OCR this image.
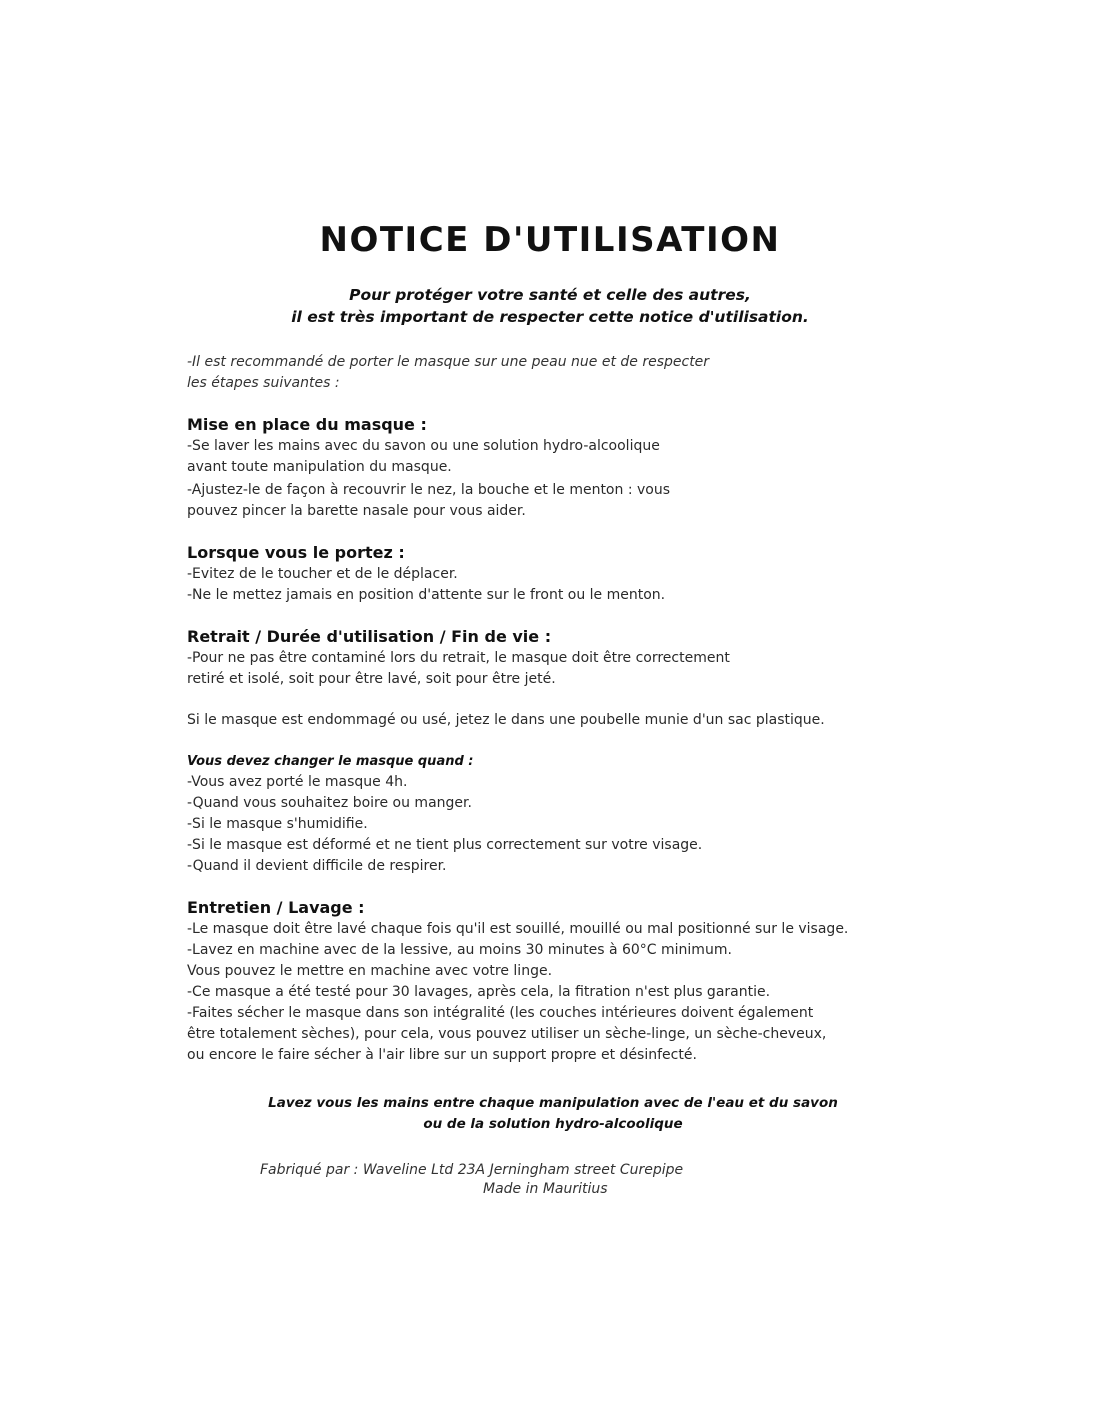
NOTICE D'UTILISATION
Pour protéger votre santé et celle des autres,
il est très important de respecter cette notice d'utilisation.
-Il est recommandé de porter le masque sur une peau nue et de respecter
les étapes suivantes :
Mise en place du masque :
-Se laver les mains avec du savon ou une solution hydro-alcoolique
avant toute manipulation du masque.
-Ajustez-le de façon à recouvrir le nez, la bouche et le menton : vous
pouvez pincer la barette nasale pour vous aider.
Lorsque vous le portez :
-Evitez de le toucher et de le déplacer.
-Ne le mettez jamais en position d'attente sur le front ou le menton.
Retrait / Durée d'utilisation / Fin de vie :
-Pour ne pas être contaminé lors du retrait, le masque doit être correctement
retiré et isolé, soit pour être lavé, soit pour être jeté.
Si le masque est endommagé ou usé, jetez le dans une poubelle munie d'un sac plastique.
Vous devez changer le masque quand :
-Vous avez porté le masque 4h.
-Quand vous souhaitez boire ou manger.
-Si le masque s'humidifie.
-Si le masque est déformé et ne tient plus correctement sur votre visage.
-Quand il devient difficile de respirer.
Entretien / Lavage :
-Le masque doit être lavé chaque fois qu'il est souillé, mouillé ou mal positionné sur le visage.
-Lavez en machine avec de la lessive, au moins 30 minutes à 60°C minimum.
Vous pouvez le mettre en machine avec votre linge.
-Ce masque a été testé pour 30 lavages, après cela, la fitration n'est plus garantie.
-Faites sécher le masque dans son intégralité (les couches intérieures doivent également
être totalement sèches), pour cela, vous pouvez utiliser un sèche-linge, un sèche-cheveux,
ou encore le faire sécher à l'air libre sur un support propre et désinfecté.
Lavez vous les mains entre chaque manipulation avec de l'eau et du savon
ou de la solution hydro-alcoolique
Fabriqué par : Waveline Ltd 23A Jerningham street Curepipe
Made in Mauritius
